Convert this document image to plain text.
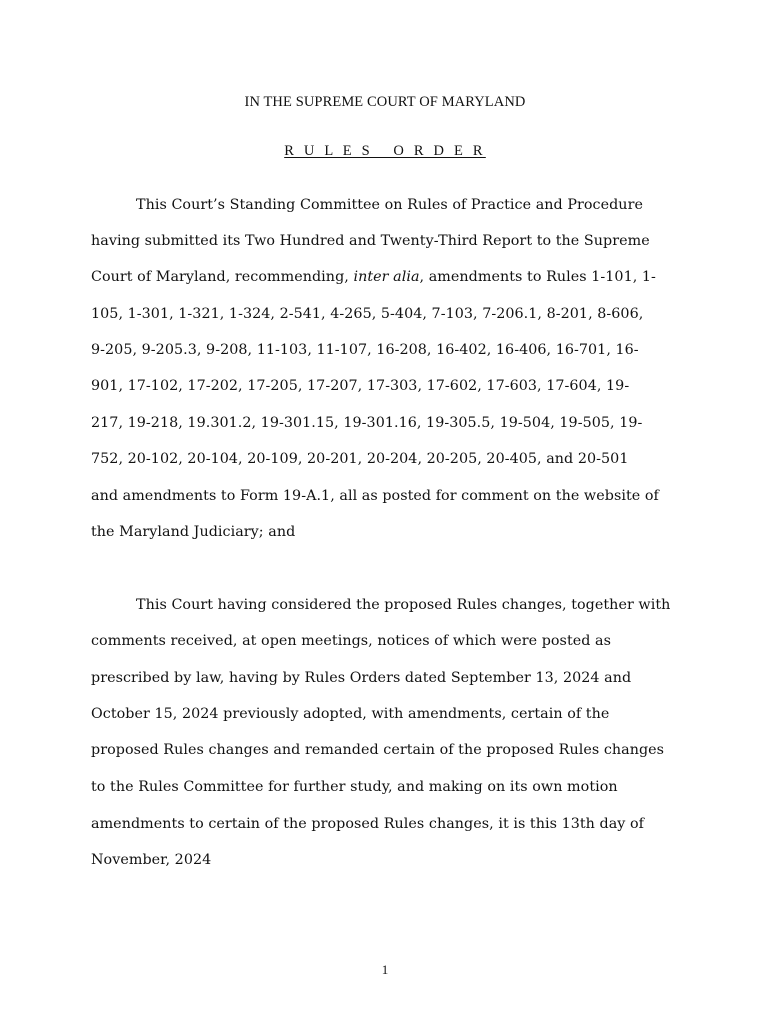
IN THE SUPREME COURT OF MARYLAND
R U L E S   O R D E R
This Court’s Standing Committee on Rules of Practice and Procedure
having submitted its Two Hundred and Twenty-Third Report to the Supreme
Court of Maryland, recommending, inter alia, amendments to Rules 1-101, 1-
105, 1-301, 1-321, 1-324, 2-541, 4-265, 5-404, 7-103, 7-206.1, 8-201, 8-606,
9-205, 9-205.3, 9-208, 11-103, 11-107, 16-208, 16-402, 16-406, 16-701, 16-
901, 17-102, 17-202, 17-205, 17-207, 17-303, 17-602, 17-603, 17-604, 19-
217, 19-218, 19.301.2, 19-301.15, 19-301.16, 19-305.5, 19-504, 19-505, 19-
752, 20-102, 20-104, 20-109, 20-201, 20-204, 20-205, 20-405, and 20-501
and amendments to Form 19-A.1, all as posted for comment on the website of
the Maryland Judiciary; and
This Court having considered the proposed Rules changes, together with
comments received, at open meetings, notices of which were posted as
prescribed by law, having by Rules Orders dated September 13, 2024 and
October 15, 2024 previously adopted, with amendments, certain of the
proposed Rules changes and remanded certain of the proposed Rules changes
to the Rules Committee for further study, and making on its own motion
amendments to certain of the proposed Rules changes, it is this 13th day of
November, 2024
1
